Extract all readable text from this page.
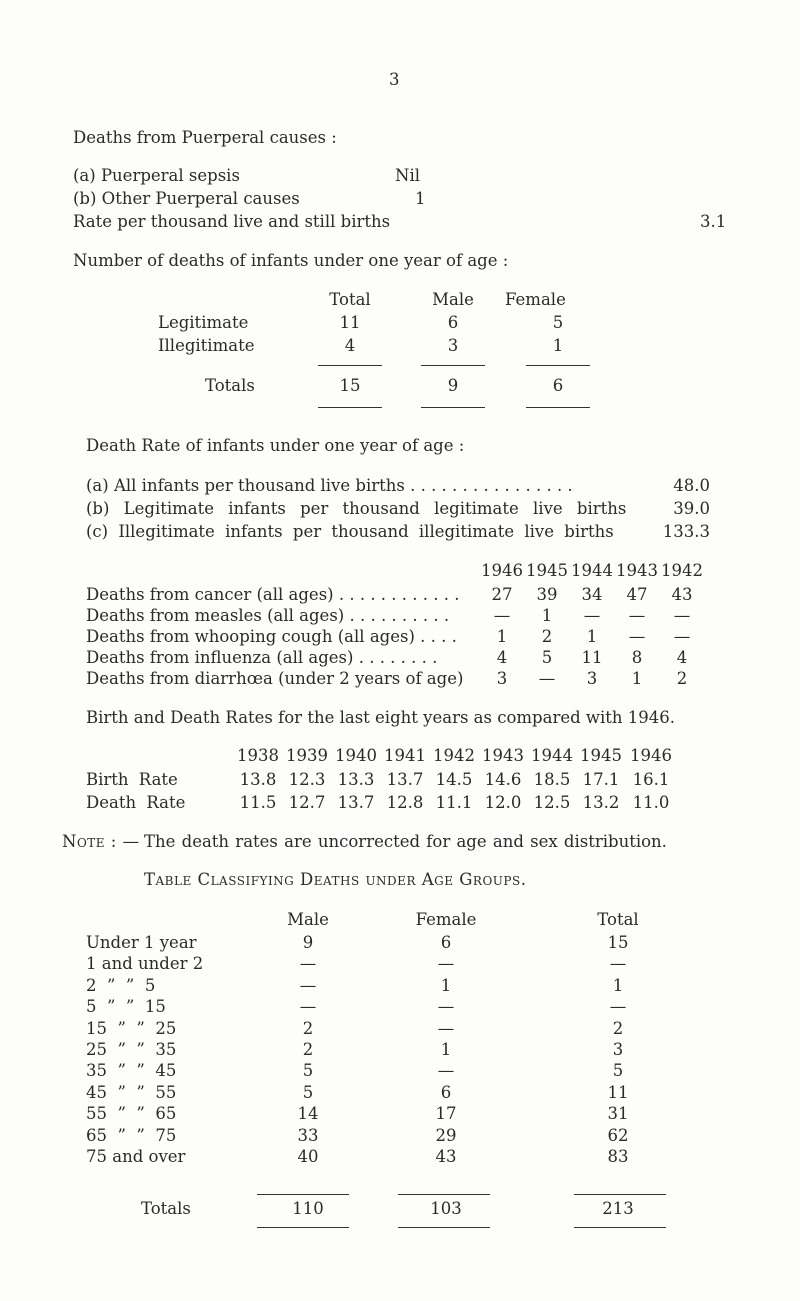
3
Deaths from Puerperal causes :
(a) Puerperal sepsis	Nil
(b) Other Puerperal causes	1
Rate per thousand live and still births	3.1
Number of deaths of infants under one year of age :
Total	Male	Female
Legitimate	11	6	5
Illegitimate	4	3	1
Totals	15	9	6
Death Rate of infants under one year of age :
(a) All infants per thousand live births . . . . . . . . . . . . . . . .	48.0
(b) Legitimate infants per thousand legitimate live births	39.0
(c) Illegitimate infants per thousand illegitimate live births	133.3
1946 1945 1944 1943 1942
Deaths from cancer (all ages) . . . . . . . . . . . .	27	39	34	47	43
Deaths from measles (all ages) . . . . . . . . . .	—	1	—	—	—
Deaths from whooping cough (all ages) . . . .	1	2	1	—	—
Deaths from influenza (all ages) . . . . . . . .	4	5	11	8	4
Deaths from diarrhœa (under 2 years of age)	3	—	3	1	2
Birth and Death Rates for the last eight years as compared with 1946.
1938 1939 1940 1941 1942 1943 1944 1945 1946
Birth Rate	13.8 12.3 13.3 13.7 14.5 14.6 18.5 17.1 16.1
Death Rate	11.5 12.7 13.7 12.8 11.1 12.0 12.5 13.2 11.0
Note : — The death rates are uncorrected for age and sex distribution.
Table Classifying Deaths under Age Groups.
Male	Female	Total
Under 1 year	9	6	15
1 and under 2	—	—	—
2  ”  ”  5	—	1	1
5  ”  ”  15	—	—	—
15  ”  ”  25	2	—	2
25  ”  ”  35	2	1	3
35  ”  ”  45	5	—	5
45  ”  ”  55	5	6	11
55  ”  ”  65	14	17	31
65  ”  ”  75	33	29	62
75 and over	40	43	83
Totals	110	103	213
